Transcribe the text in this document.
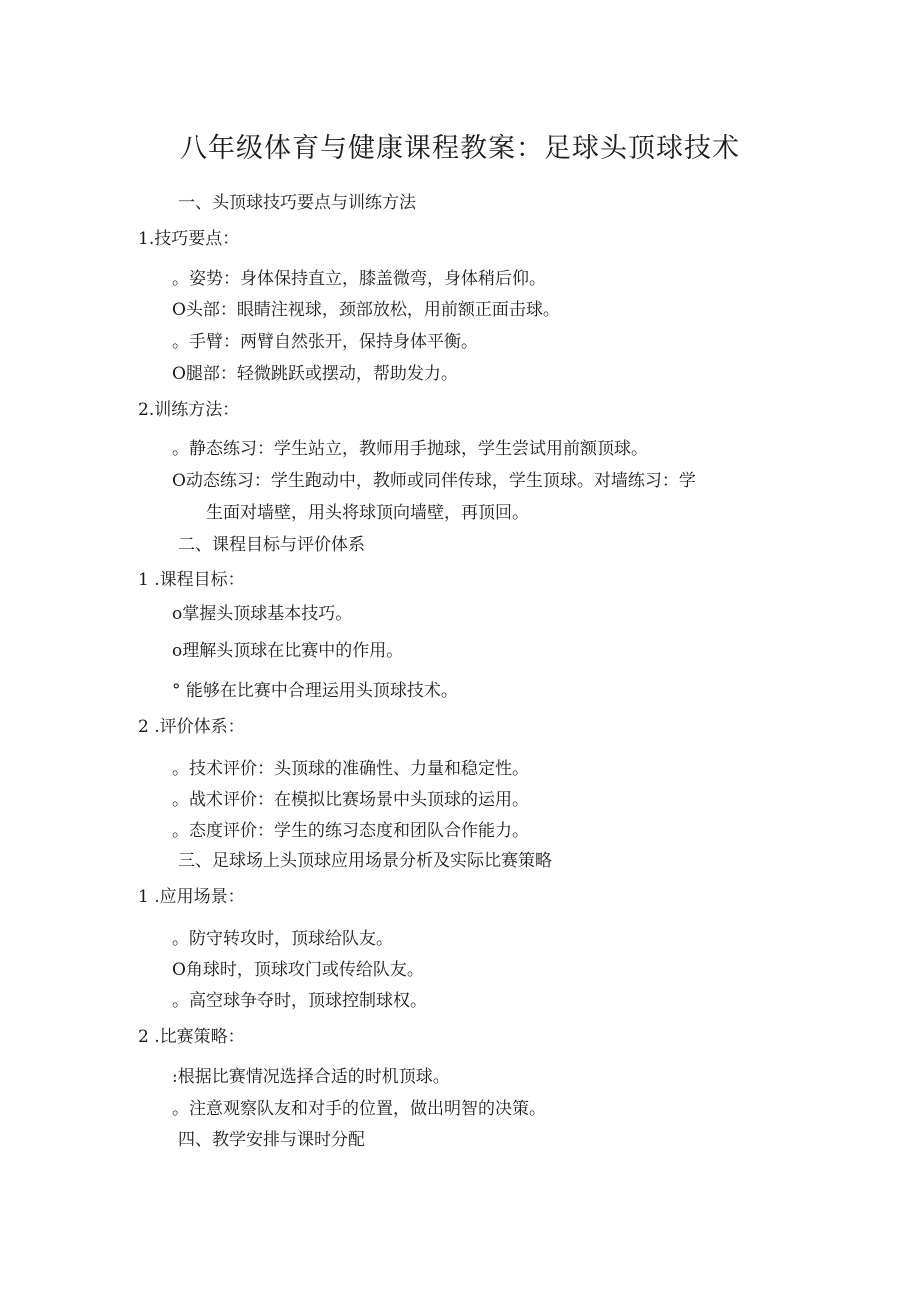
八年级体育与健康课程教案：足球头顶球技术
一、头顶球技巧要点与训练方法
1.技巧要点：
。姿势：身体保持直立，膝盖微弯，身体稍后仰。
O头部：眼睛注视球，颈部放松，用前额正面击球。
。手臂：两臂自然张开，保持身体平衡。
O腿部：轻微跳跃或摆动，帮助发力。
2.训练方法：
。静态练习：学生站立，教师用手抛球，学生尝试用前额顶球。
O动态练习：学生跑动中，教师或同伴传球，学生顶球。对墙练习：学
生面对墙壁，用头将球顶向墙壁，再顶回。
二、课程目标与评价体系
1 .课程目标：
o掌握头顶球基本技巧。
o理解头顶球在比赛中的作用。
° 能够在比赛中合理运用头顶球技术。
2 .评价体系：
。技术评价：头顶球的准确性、力量和稳定性。
。战术评价：在模拟比赛场景中头顶球的运用。
。态度评价：学生的练习态度和团队合作能力。
三、足球场上头顶球应用场景分析及实际比赛策略
1 .应用场景：
。防守转攻时，顶球给队友。
O角球时，顶球攻门或传给队友。
。高空球争夺时，顶球控制球权。
2 .比赛策略：
:根据比赛情况选择合适的时机顶球。
。注意观察队友和对手的位置，做出明智的决策。
四、教学安排与课时分配
